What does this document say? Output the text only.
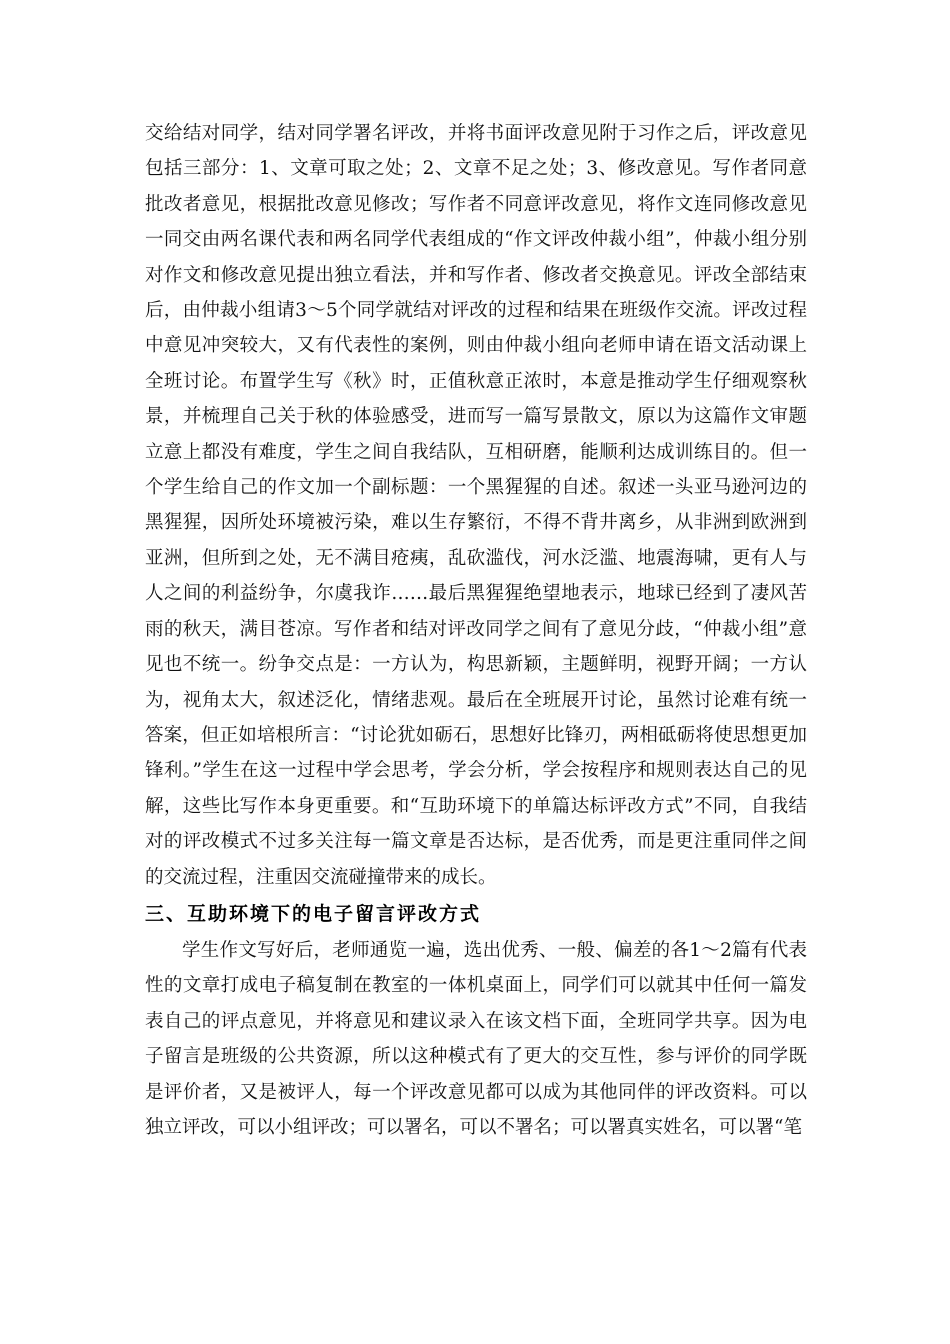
交给结对同学，结对同学署名评改，并将书面评改意见附于习作之后，评改意见包括三部分：1、文章可取之处；2、文章不足之处；3、修改意见。写作者同意批改者意见，根据批改意见修改；写作者不同意评改意见，将作文连同修改意见一同交由两名课代表和两名同学代表组成的“作文评改仲裁小组”，仲裁小组分别对作文和修改意见提出独立看法，并和写作者、修改者交换意见。评改全部结束后，由仲裁小组请3～5个同学就结对评改的过程和结果在班级作交流。评改过程中意见冲突较大，又有代表性的案例，则由仲裁小组向老师申请在语文活动课上全班讨论。布置学生写《秋》时，正值秋意正浓时，本意是推动学生仔细观察秋景，并梳理自己关于秋的体验感受，进而写一篇写景散文，原以为这篇作文审题立意上都没有难度，学生之间自我结队，互相研磨，能顺利达成训练目的。但一个学生给自己的作文加一个副标题：一个黑猩猩的自述。叙述一头亚马逊河边的黑猩猩，因所处环境被污染，难以生存繁衍，不得不背井离乡，从非洲到欧洲到亚洲，但所到之处，无不满目疮痍，乱砍滥伐，河水泛滥、地震海啸，更有人与人之间的利益纷争，尔虞我诈……最后黑猩猩绝望地表示，地球已经到了凄风苦雨的秋天，满目苍凉。写作者和结对评改同学之间有了意见分歧，“仲裁小组”意见也不统一。纷争交点是：一方认为，构思新颖，主题鲜明，视野开阔；一方认为，视角太大，叙述泛化，情绪悲观。最后在全班展开讨论，虽然讨论难有统一答案，但正如培根所言：“讨论犹如砺石，思想好比锋刃，两相砥砺将使思想更加锋利。”学生在这一过程中学会思考，学会分析，学会按程序和规则表达自己的见解，这些比写作本身更重要。和“互助环境下的单篇达标评改方式”不同，自我结对的评改模式不过多关注每一篇文章是否达标，是否优秀，而是更注重同伴之间的交流过程，注重因交流碰撞带来的成长。

三、互助环境下的电子留言评改方式

学生作文写好后，老师通览一遍，选出优秀、一般、偏差的各1～2篇有代表性的文章打成电子稿复制在教室的一体机桌面上，同学们可以就其中任何一篇发表自己的评点意见，并将意见和建议录入在该文档下面，全班同学共享。因为电子留言是班级的公共资源，所以这种模式有了更大的交互性，参与评价的同学既是评价者，又是被评人，每一个评改意见都可以成为其他同伴的评改资料。可以独立评改，可以小组评改；可以署名，可以不署名；可以署真实姓名，可以署“笔
